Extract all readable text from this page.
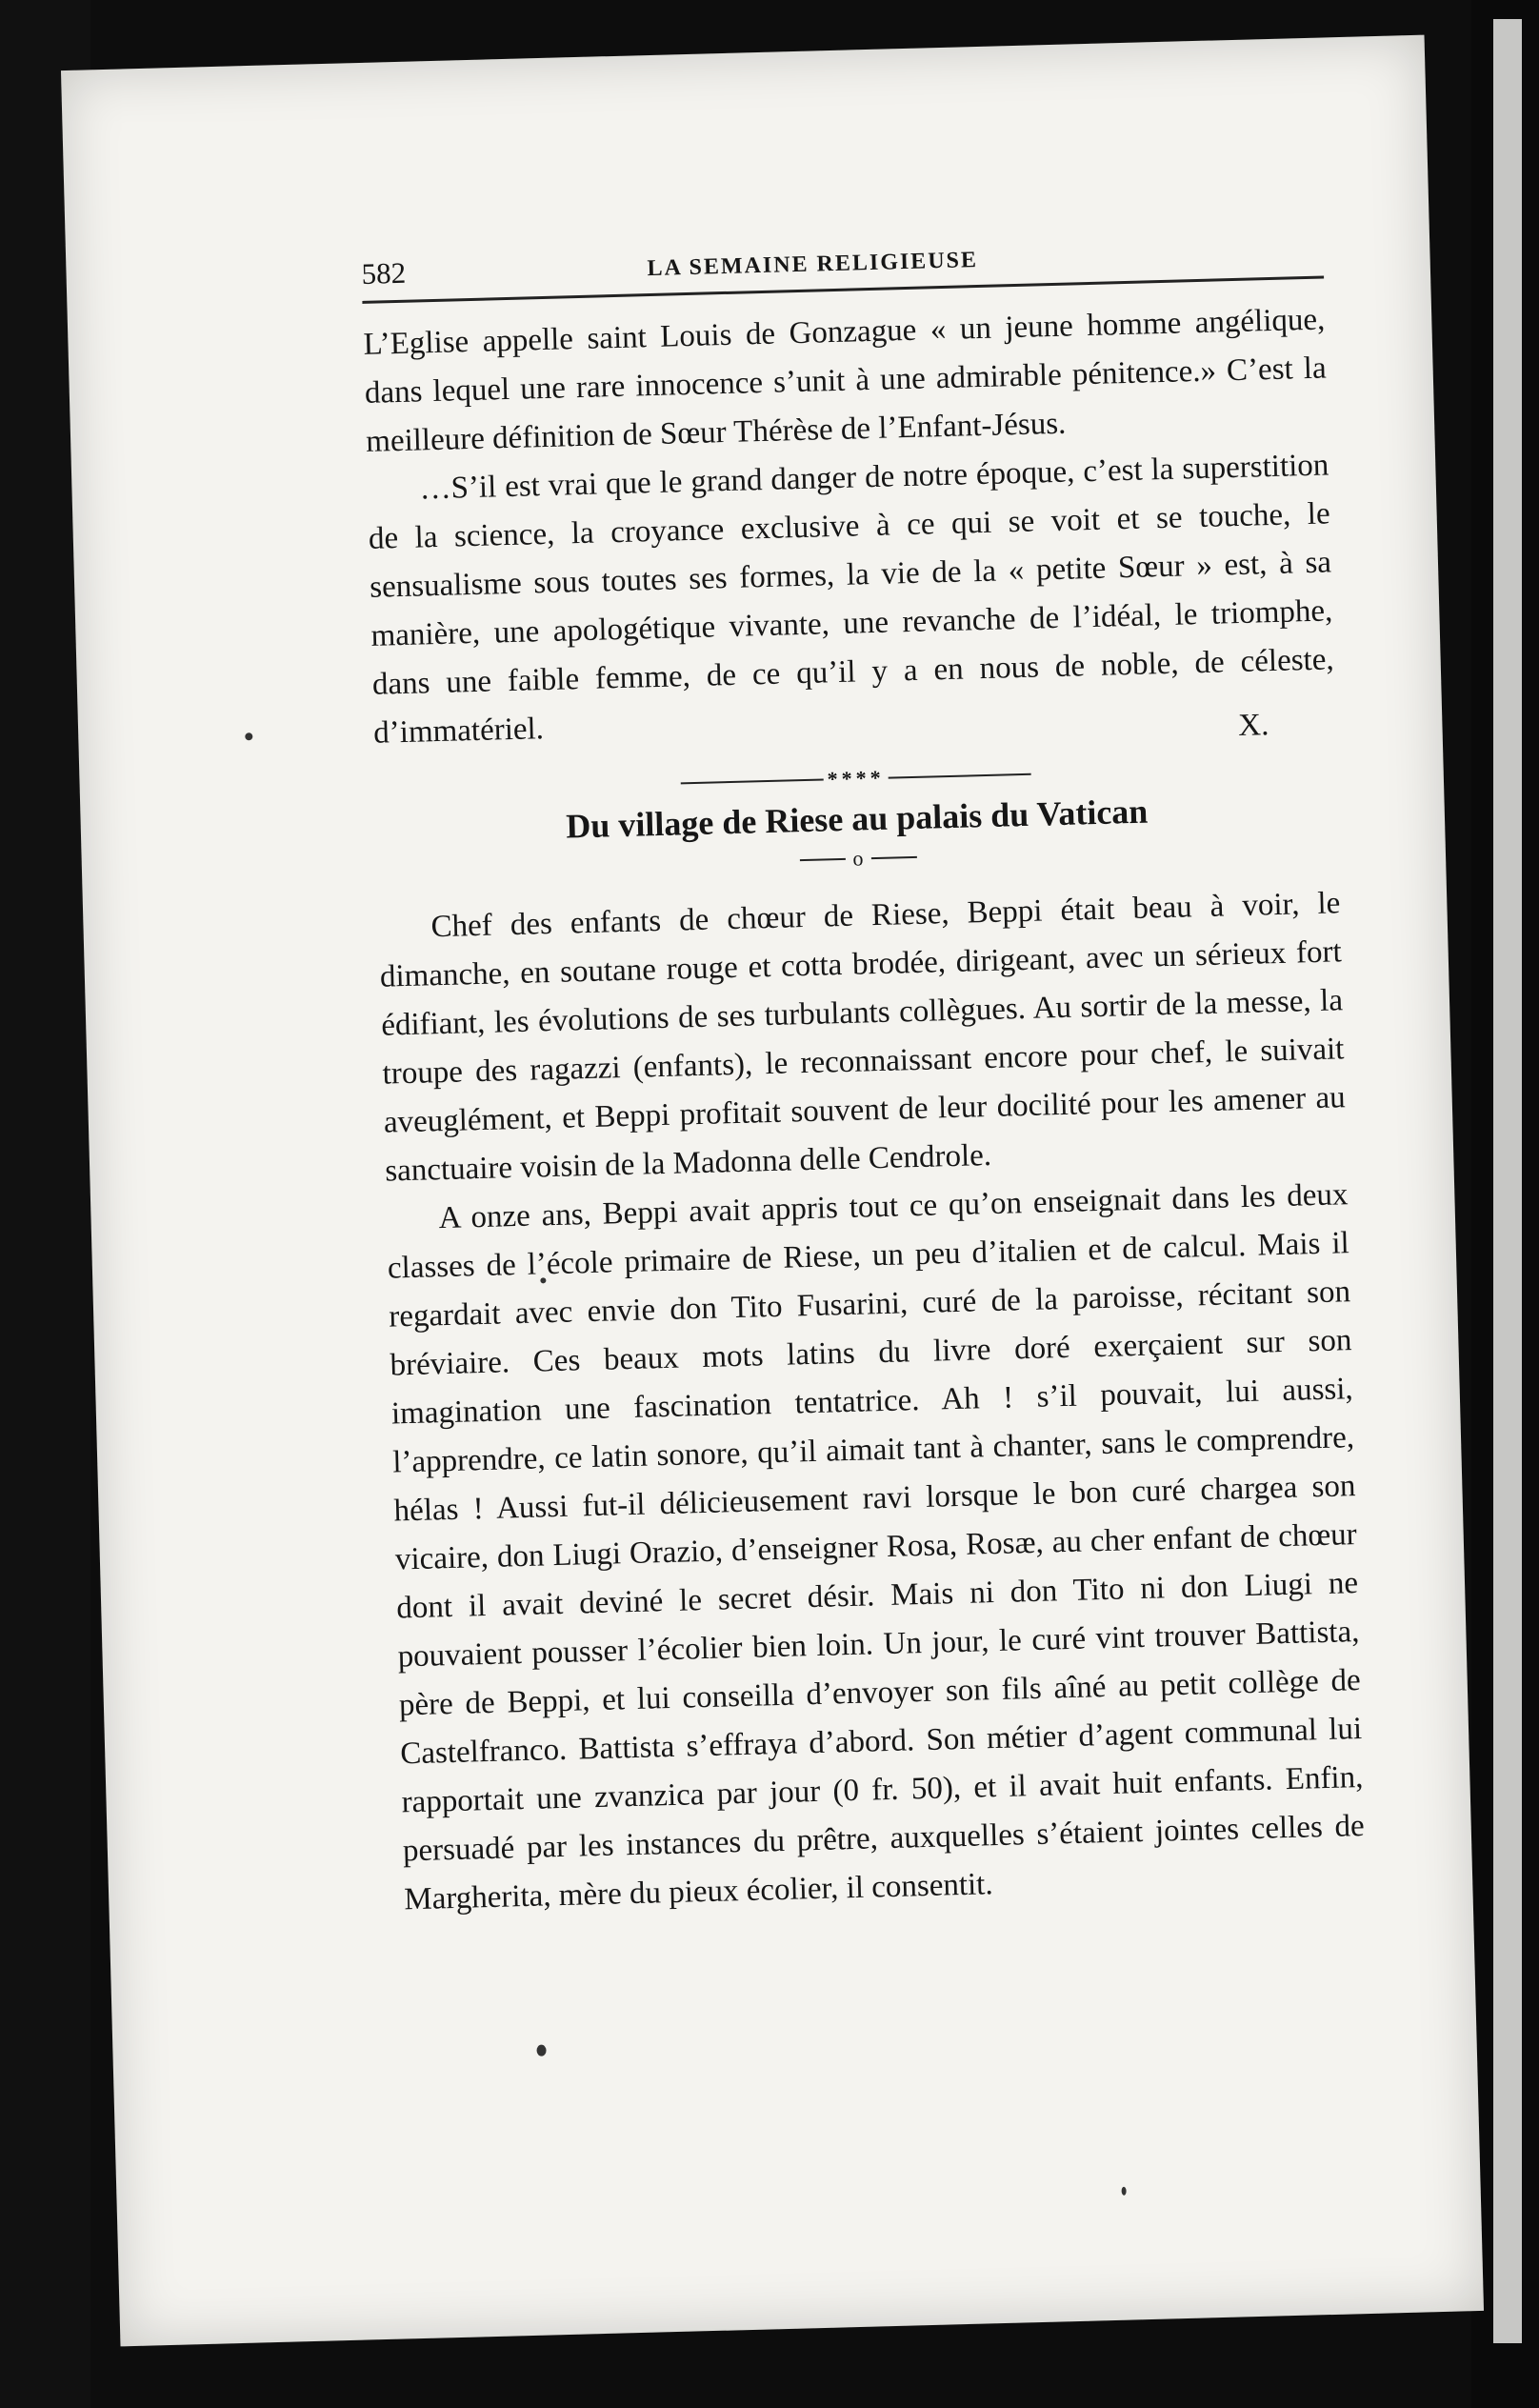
582	LA SEMAINE RELIGIEUSE

L’Eglise appelle saint Louis de Gonzague « un jeune homme angélique, dans lequel une rare innocence s’unit à une admirable pénitence.» C’est la meilleure définition de Sœur Thérèse de l’Enfant-Jésus.

…S’il est vrai que le grand danger de notre époque, c’est la superstition de la science, la croyance exclusive à ce qui se voit et se touche, le sensualisme sous toutes ses formes, la vie de la « petite Sœur » est, à sa manière, une apologétique vivante, une revanche de l’idéal, le triomphe, dans une faible femme, de ce qu’il y a en nous de noble, de céleste, d’immatériel.	X.
****
Du village de Riese au palais du Vatican
o

Chef des enfants de chœur de Riese, Beppi était beau à voir, le dimanche, en soutane rouge et cotta brodée, dirigeant, avec un sérieux fort édifiant, les évolutions de ses turbulants collègues. Au sortir de la messe, la troupe des ragazzi (enfants), le reconnaissant encore pour chef, le suivait aveuglément, et Beppi profitait souvent de leur docilité pour les amener au sanctuaire voisin de la Madonna delle Cendrole.

A onze ans, Beppi avait appris tout ce qu’on enseignait dans les deux classes de l’école primaire de Riese, un peu d’italien et de calcul. Mais il regardait avec envie don Tito Fusarini, curé de la paroisse, récitant son bréviaire. Ces beaux mots latins du livre doré exerçaient sur son imagination une fascination tentatrice. Ah ! s’il pouvait, lui aussi, l’apprendre, ce latin sonore, qu’il aimait tant à chanter, sans le comprendre, hélas ! Aussi fut-il délicieusement ravi lorsque le bon curé chargea son vicaire, don Liugi Orazio, d’enseigner Rosa, Rosæ, au cher enfant de chœur dont il avait deviné le secret désir. Mais ni don Tito ni don Liugi ne pouvaient pousser l’écolier bien loin. Un jour, le curé vint trouver Battista, père de Beppi, et lui conseilla d’envoyer son fils aîné au petit collège de Castelfranco. Battista s’effraya d’abord. Son métier d’agent communal lui rapportait une zvanzica par jour (0 fr. 50), et il avait huit enfants. Enfin, persuadé par les instances du prêtre, auxquelles s’étaient jointes celles de Margherita, mère du pieux écolier, il consentit.
